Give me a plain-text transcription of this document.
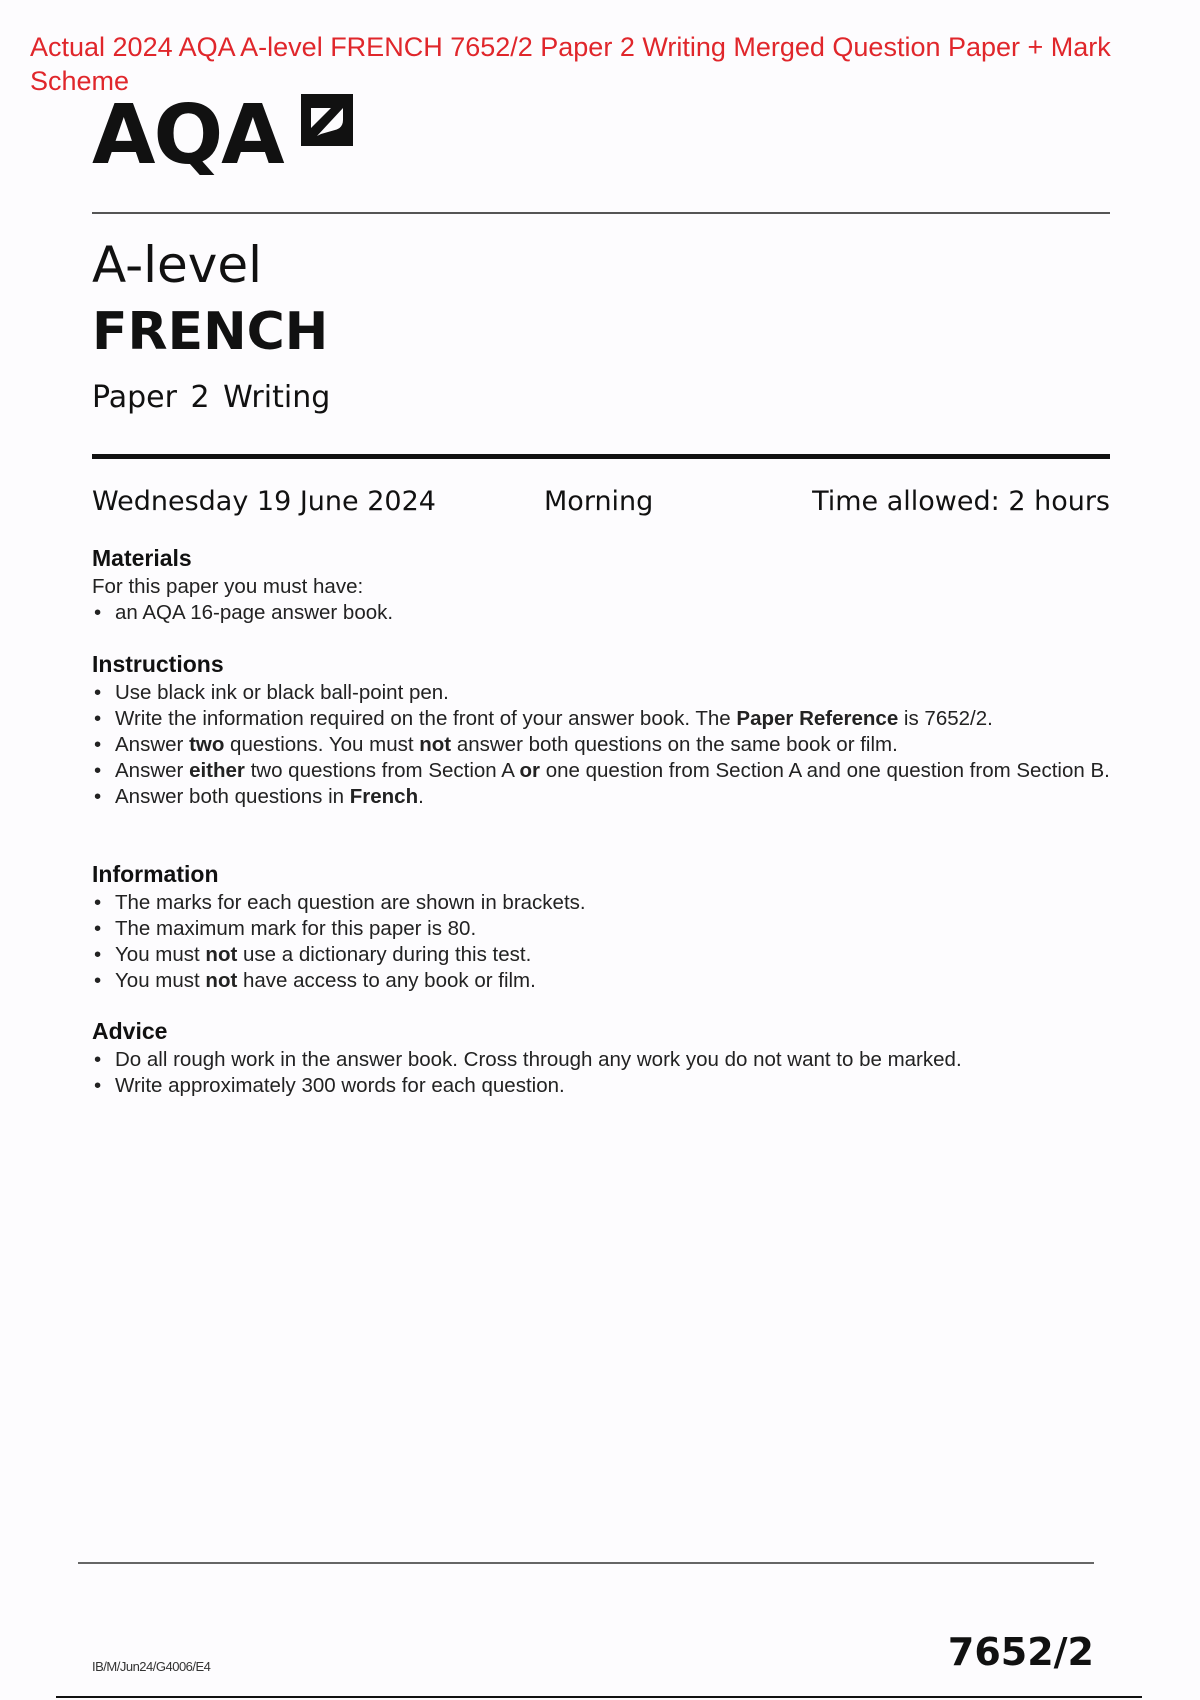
Actual 2024 AQA A-level FRENCH 7652/2 Paper 2 Writing Merged Question Paper + Mark Scheme
AQA
A-level
FRENCH
Paper 2 Writing
Wednesday 19 June 2024	Morning	Time allowed: 2 hours
Materials

For this paper you must have:

• an AQA 16-page answer book.
Instructions
• Use black ink or black ball-point pen.
• Write the information required on the front of your answer book. The Paper Reference is 7652/2.
• Answer two questions. You must not answer both questions on the same book or film.
• Answer either two questions from Section A or one question from Section A and one question from Section B.
• Answer both questions in French.
Information
• The marks for each question are shown in brackets.
• The maximum mark for this paper is 80.
• You must not use a dictionary during this test.
• You must not have access to any book or film.
Advice
• Do all rough work in the answer book. Cross through any work you do not want to be marked.
• Write approximately 300 words for each question.
IB/M/Jun24/G4006/E4	7652/2
